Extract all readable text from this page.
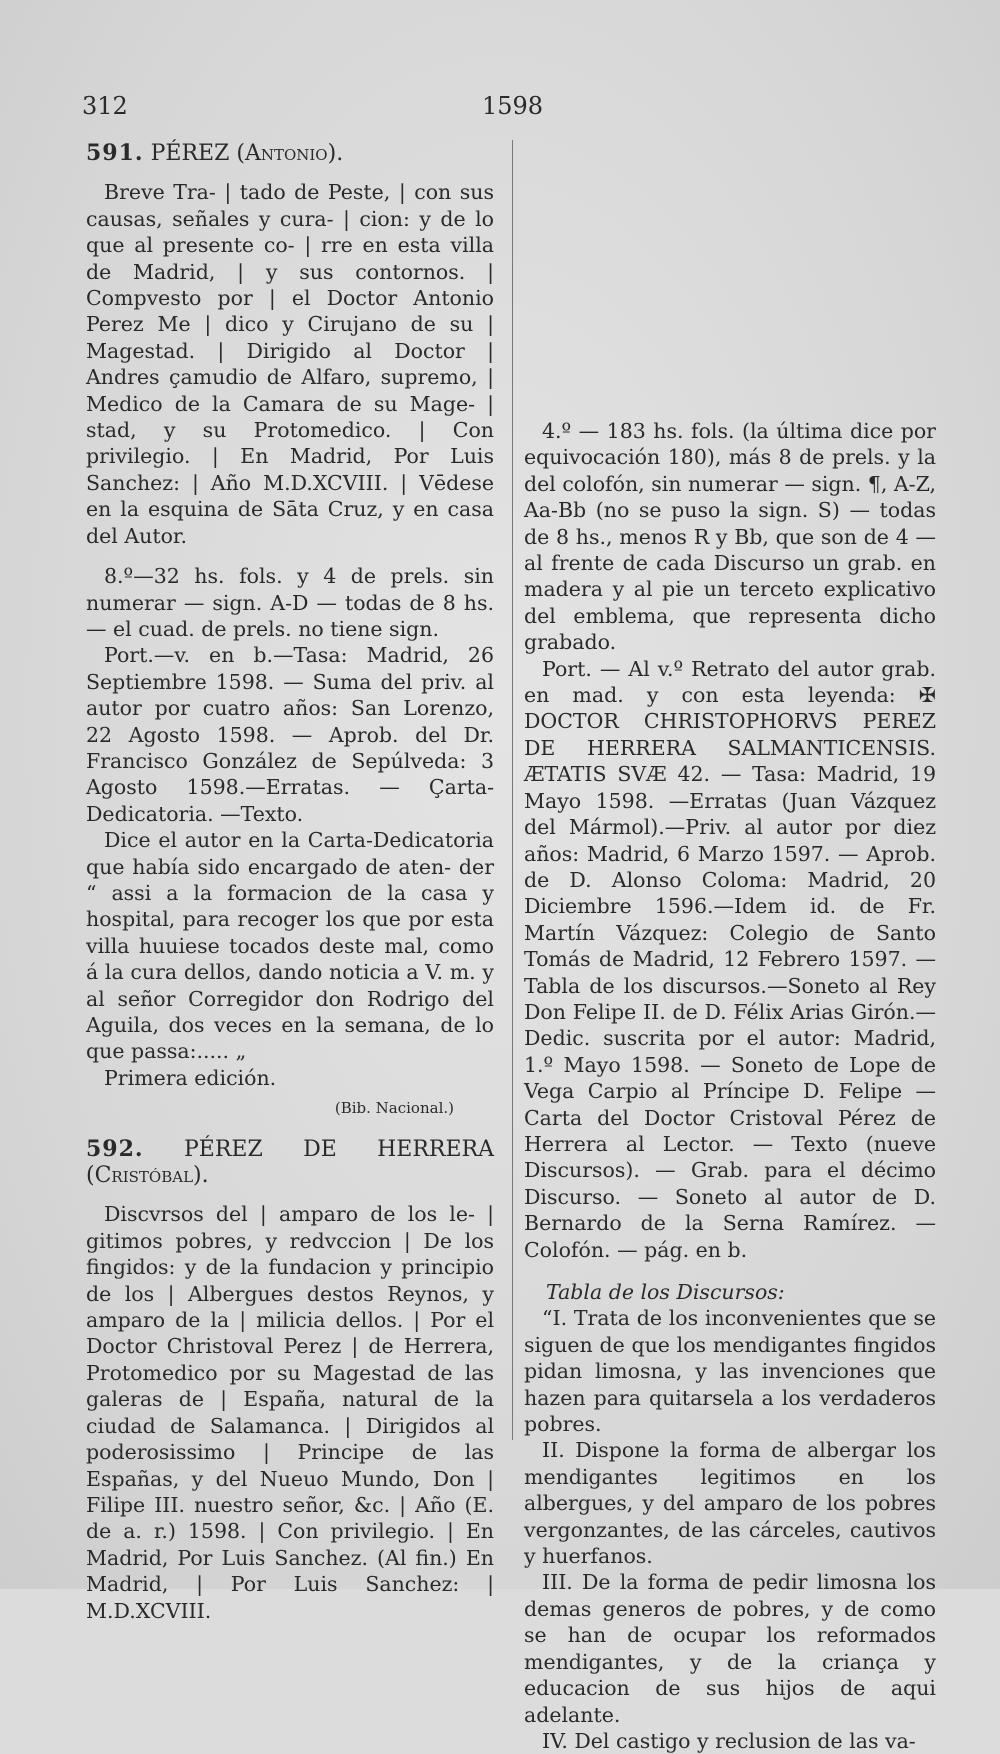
312	1598

591. PÉREZ (Antonio).

Breve Tra- | tado de Peste, | con sus causas, señales y cura- | cion: y de lo que al presente co- | rre en esta villa de Madrid, | y sus contornos. | Compvesto por | el Doctor Antonio Perez Me | dico y Cirujano de su | Magestad. | Dirigido al Doctor | Andres çamudio de Alfaro, supremo, | Medico de la Camara de su Mage- | stad, y su Protomedico. | Con privilegio. | En Madrid, Por Luis Sanchez: | Año M.D.XCVIII. | Vēdese en la esquina de Sāta Cruz, y en casa del Autor.

8.º—32 hs. fols. y 4 de prels. sin numerar — sign. A-D — todas de 8 hs. — el cuad. de prels. no tiene sign.

Port.—v. en b.—Tasa: Madrid, 26 Septiembre 1598. — Suma del priv. al autor por cuatro años: San Lorenzo, 22 Agosto 1598. — Aprob. del Dr. Francisco González de Sepúlveda: 3 Agosto 1598.—Erratas. — Çarta-Dedicatoria. —Texto.

Dice el autor en la Carta-Dedicatoria que había sido encargado de aten- der “ assi a la formacion de la casa y hospital, para recoger los que por esta villa huuiese tocados deste mal, como á la cura dellos, dando noticia a V. m. y al señor Corregidor don Rodrigo del Aguila, dos veces en la semana, de lo que passa:..... „

Primera edición.

(Bib. Nacional.)

592. PÉREZ DE HERRERA (Cristóbal).

Discvrsos del | amparo de los le- | gitimos pobres, y redvccion | De los fingidos: y de la fundacion y principio de los | Albergues destos Reynos, y amparo de la | milicia dellos. | Por el Doctor Christoval Perez | de Herrera, Protomedico por su Magestad de las galeras de | España, natural de la ciudad de Salamanca. | Dirigidos al poderosissimo | Principe de las Españas, y del Nueuo Mundo, Don | Filipe III. nuestro señor, &c. | Año (E. de a. r.) 1598. | Con privilegio. | En Madrid, Por Luis Sanchez. (Al fin.) En Madrid, | Por Luis Sanchez: | M.D.XCVIII.

4.º — 183 hs. fols. (la última dice por equivocación 180), más 8 de prels. y la del colofón, sin numerar — sign. ¶, A-Z, Aa-Bb (no se puso la sign. S) — todas de 8 hs., menos R y Bb, que son de 4 — al frente de cada Discurso un grab. en madera y al pie un terceto explicativo del emblema, que representa dicho grabado.

Port. — Al v.º Retrato del autor grab. en mad. y con esta leyenda: ✠ DOCTOR CHRISTOPHORVS PEREZ DE HERRERA SALMANTICENSIS. ÆTATIS SVÆ 42. — Tasa: Madrid, 19 Mayo 1598. —Erratas (Juan Vázquez del Mármol).—Priv. al autor por diez años: Madrid, 6 Marzo 1597. — Aprob. de D. Alonso Coloma: Madrid, 20 Diciembre 1596.—Idem id. de Fr. Martín Vázquez: Colegio de Santo Tomás de Madrid, 12 Febrero 1597. —Tabla de los discursos.—Soneto al Rey Don Felipe II. de D. Félix Arias Girón.—Dedic. suscrita por el autor: Madrid, 1.º Mayo 1598. — Soneto de Lope de Vega Carpio al Príncipe D. Felipe — Carta del Doctor Cristoval Pérez de Herrera al Lector. — Texto (nueve Discursos). — Grab. para el décimo Discurso. — Soneto al autor de D. Bernardo de la Serna Ramírez. — Colofón. — pág. en b.

Tabla de los Discursos:

“I. Trata de los inconvenientes que se siguen de que los mendigantes fingidos pidan limosna, y las invenciones que hazen para quitarsela a los verdaderos pobres.

II. Dispone la forma de albergar los mendigantes legitimos en los albergues, y del amparo de los pobres vergonzantes, de las cárceles, cautivos y huerfanos.

III. De la forma de pedir limosna los demas generos de pobres, y de como se han de ocupar los reformados mendigantes, y de la criança y educacion de sus hijos de aqui adelante.

IV. Del castigo y reclusion de las va-
